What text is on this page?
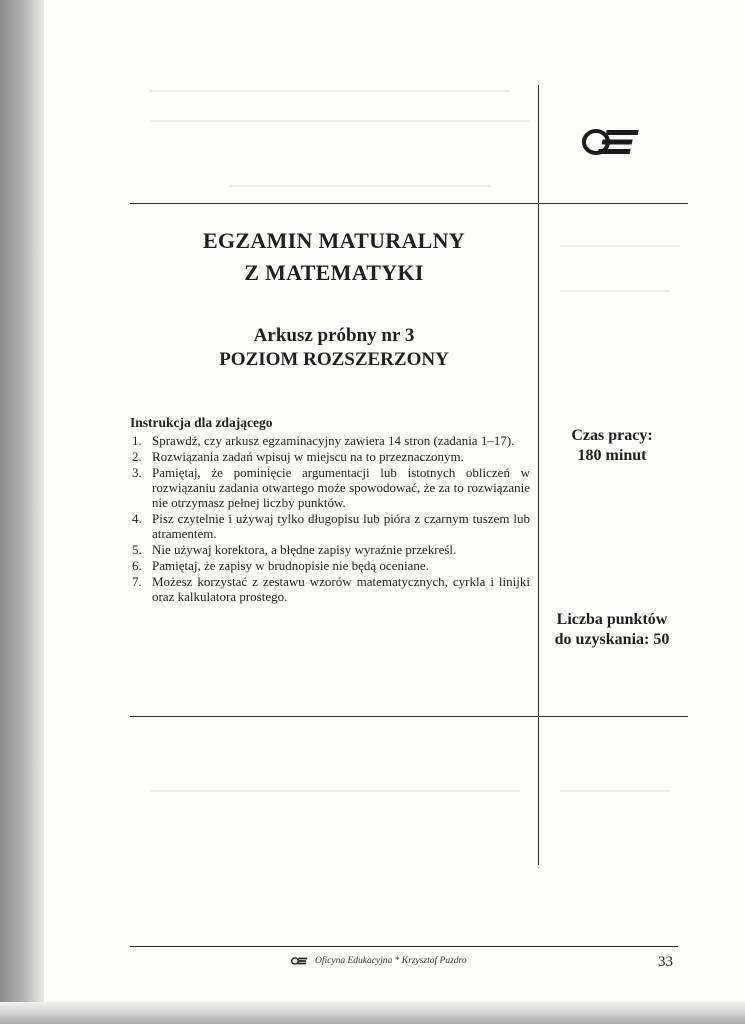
EGZAMIN MATURALNY
Z MATEMATYKI
Arkusz próbny nr 3
POZIOM ROZSZERZONY

Instrukcja dla zdającego

1. Sprawdź, czy arkusz egzaminacyjny zawiera 14 stron (zadania 1–17).
2. Rozwiązania zadań wpisuj w miejscu na to przeznaczonym.
3. Pamiętaj, że pominięcie argumentacji lub istotnych obliczeń w rozwiązaniu zadania otwartego może spowodować, że za to rozwiązanie nie otrzymasz pełnej liczby punktów.
4. Pisz czytelnie i używaj tylko długopisu lub pióra z czarnym tuszem lub atramentem.
5. Nie używaj korektora, a błędne zapisy wyraźnie przekreśl.
6. Pamiętaj, że zapisy w brudnopisie nie będą oceniane.
7. Możesz korzystać z zestawu wzorów matematycznych, cyrkla i linijki oraz kalkulatora prostego.
Czas pracy:
180 minut
Liczba punktów
do uzyskania: 50
Oficyna Edukacyjna * Krzysztof Pazdro	33
